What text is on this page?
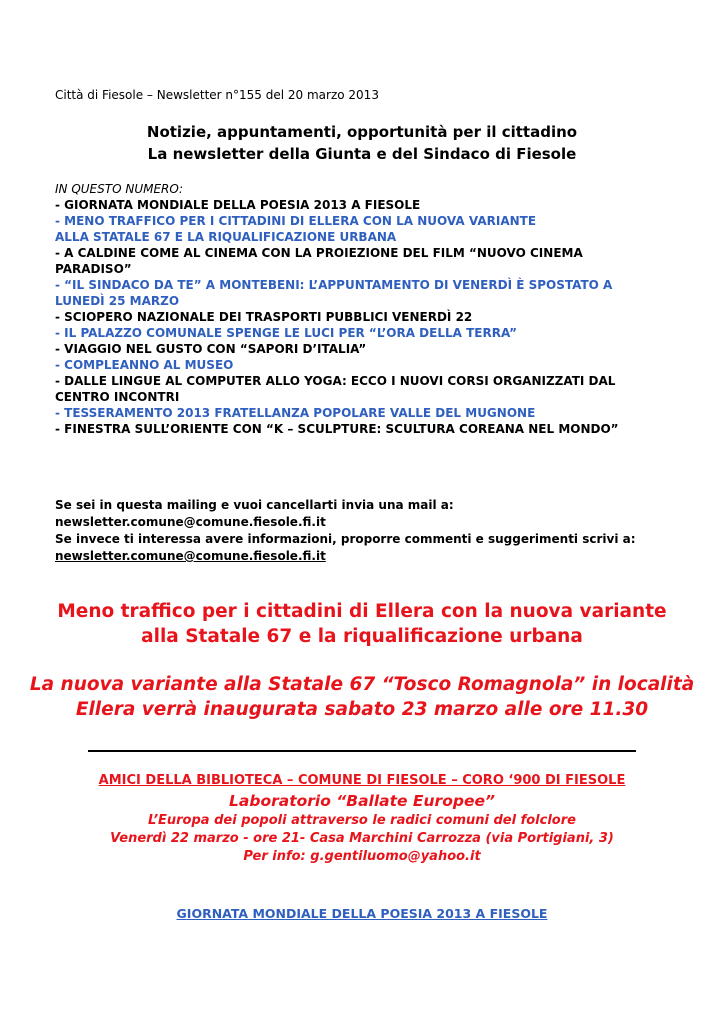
Città di Fiesole – Newsletter n°155 del 20 marzo 2013
Notizie, appuntamenti, opportunità per il cittadino
La newsletter della Giunta e del Sindaco di Fiesole

IN QUESTO NUMERO:

- GIORNATA MONDIALE DELLA POESIA 2013 A FIESOLE

- MENO TRAFFICO PER I CITTADINI DI ELLERA CON LA NUOVA VARIANTE

ALLA STATALE 67 E LA RIQUALIFICAZIONE URBANA

- A CALDINE COME AL CINEMA CON LA PROIEZIONE DEL FILM “NUOVO CINEMA

PARADISO”

- “IL SINDACO DA TE” A MONTEBENI: L’APPUNTAMENTO DI VENERDÌ È SPOSTATO A

LUNEDÌ 25 MARZO

- SCIOPERO NAZIONALE DEI TRASPORTI PUBBLICI VENERDÌ 22

- IL PALAZZO COMUNALE SPENGE LE LUCI PER “L’ORA DELLA TERRA”

- VIAGGIO NEL GUSTO CON “SAPORI D’ITALIA”

- COMPLEANNO AL MUSEO

- DALLE LINGUE AL COMPUTER ALLO YOGA: ECCO I NUOVI CORSI ORGANIZZATI DAL

CENTRO INCONTRI

- TESSERAMENTO 2013 FRATELLANZA POPOLARE VALLE DEL MUGNONE

- FINESTRA SULL’ORIENTE CON “K – SCULPTURE: SCULTURA COREANA NEL MONDO”

Se sei in questa mailing e vuoi cancellarti invia una mail a:

newsletter.comune@comune.fiesole.fi.it

Se invece ti interessa avere informazioni, proporre commenti e suggerimenti scrivi a:

newsletter.comune@comune.fiesole.fi.it

Meno traffico per i cittadini di Ellera con la nuova variante
alla Statale 67 e la riqualificazione urbana
La nuova variante alla Statale 67 “Tosco Romagnola” in località
Ellera verrà inaugurata sabato 23 marzo alle ore 11.30
AMICI DELLA BIBLIOTECA – COMUNE DI FIESOLE – CORO ‘900 DI FIESOLE
Laboratorio “Ballate Europee”
L’Europa dei popoli attraverso le radici comuni del folclore
Venerdì 22 marzo - ore 21- Casa Marchini Carrozza (via Portigiani, 3)
Per info: g.gentiluomo@yahoo.it
GIORNATA MONDIALE DELLA POESIA 2013 A FIESOLE
